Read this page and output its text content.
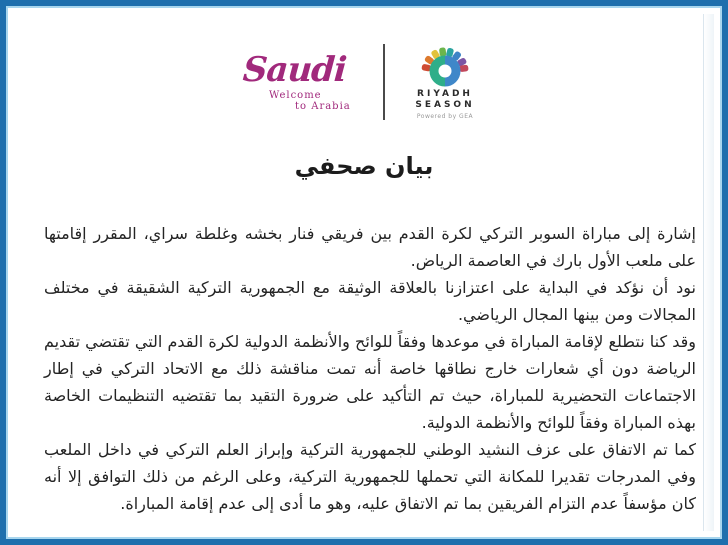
Saudi
Welcome
to Arabia
RIYADH
SEASON
Powered by GEA
بيان صحفي

إشارة إلى مباراة السوبر التركي لكرة القدم بين فريقي فنار بخشه وغلطة سراي، المقرر إقامتها على ملعب الأول بارك في العاصمة الرياض.

نود أن نؤكد في البداية على اعتزازنا بالعلاقة الوثيقة مع الجمهورية التركية الشقيقة في مختلف المجالات ومن بينها المجال الرياضي.

وقد كنا نتطلع لإقامة المباراة في موعدها وفقاً للوائح والأنظمة الدولية لكرة القدم التي تقتضي تقديم الرياضة دون أي شعارات خارج نطاقها خاصة أنه تمت مناقشة ذلك مع الاتحاد التركي في إطار الاجتماعات التحضيرية للمباراة، حيث تم التأكيد على ضرورة التقيد بما تقتضيه التنظيمات الخاصة بهذه المباراة وفقاً للوائح والأنظمة الدولية.

كما تم الاتفاق على عزف النشيد الوطني للجمهورية التركية وإبراز العلم التركي في داخل الملعب وفي المدرجات تقديرا للمكانة التي تحملها للجمهورية التركية، وعلى الرغم من ذلك التوافق إلا أنه كان مؤسفاً عدم التزام الفريقين بما تم الاتفاق عليه، وهو ما أدى إلى عدم إقامة المباراة.
